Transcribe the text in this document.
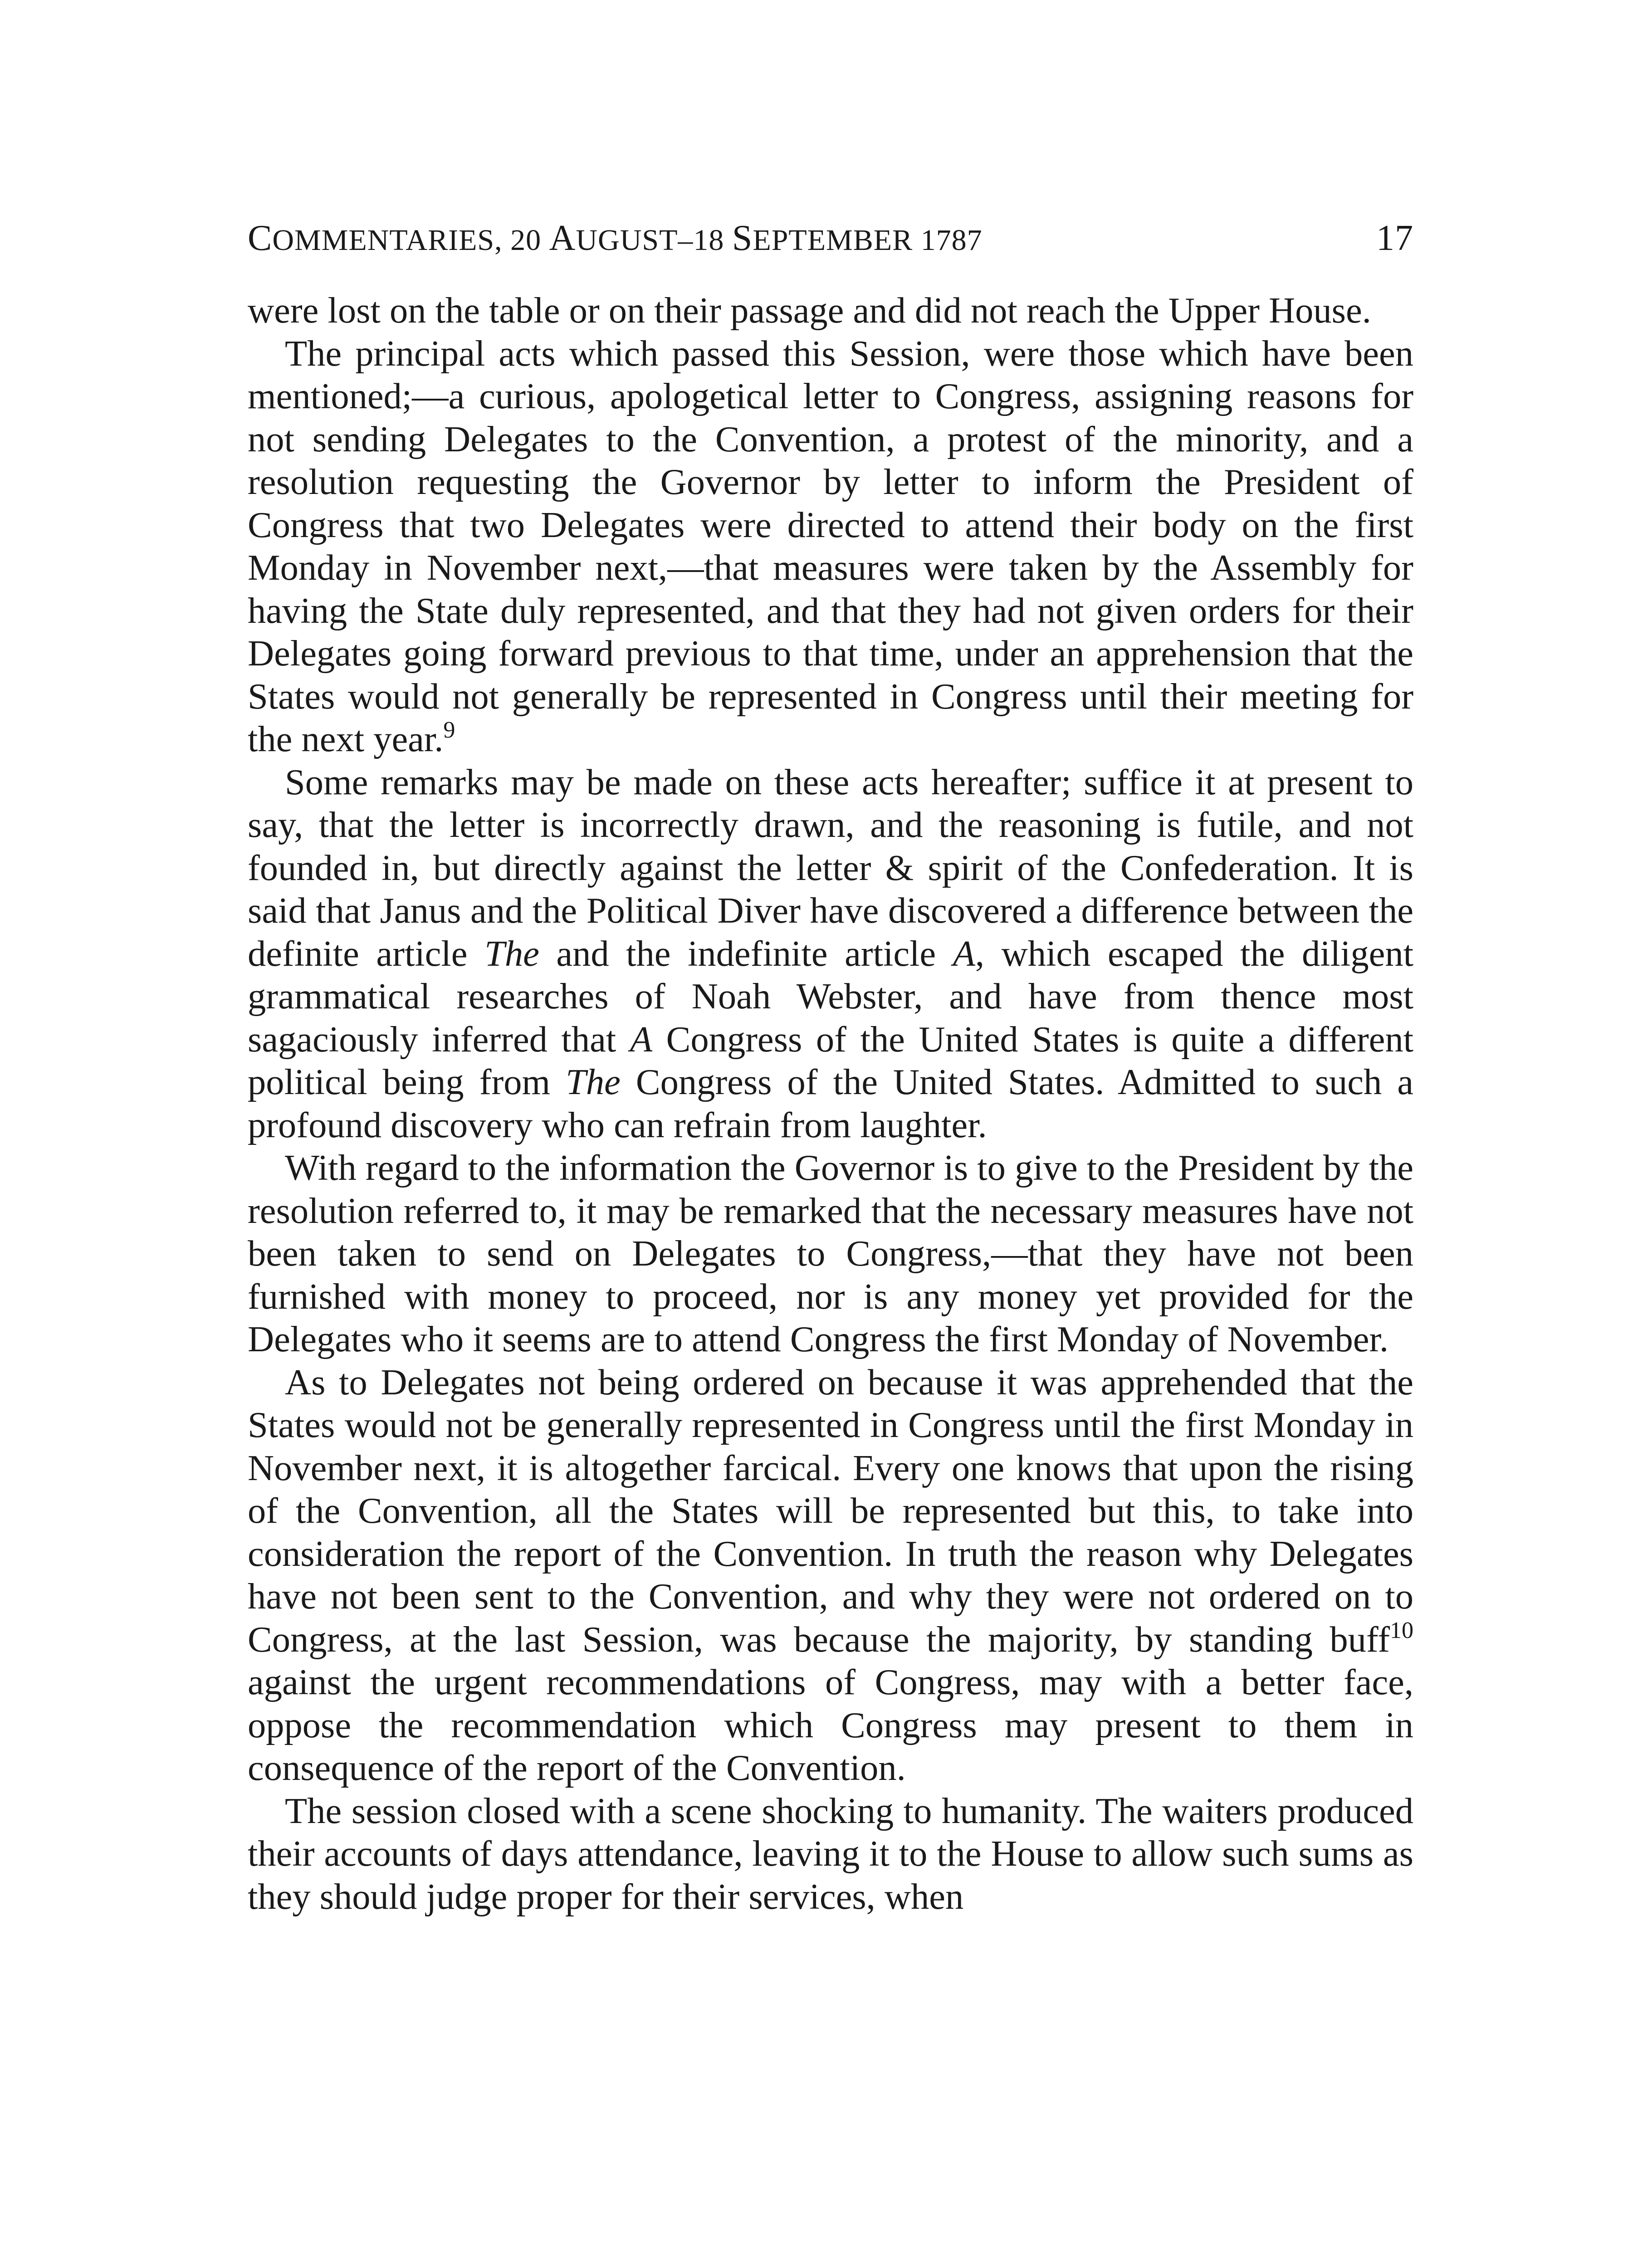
COMMENTARIES, 20 AUGUST–18 SEPTEMBER 1787	17

were lost on the table or on their passage and did not reach the Upper House.

The principal acts which passed this Session, were those which have been mentioned;—a curious, apologetical letter to Congress, assigning reasons for not sending Delegates to the Convention, a protest of the minority, and a resolution requesting the Governor by letter to inform the President of Congress that two Delegates were directed to attend their body on the first Monday in November next,—that measures were taken by the Assembly for having the State duly represented, and that they had not given orders for their Delegates going forward previous to that time, under an apprehension that the States would not generally be represented in Congress until their meeting for the next year.$^9$

Some remarks may be made on these acts hereafter; suffice it at present to say, that the letter is incorrectly drawn, and the reasoning is futile, and not founded in, but directly against the letter & spirit of the Confederation. It is said that Janus and the Political Diver have discovered a difference between the definite article The and the indefinite article A, which escaped the diligent grammatical researches of Noah Webster, and have from thence most sagaciously inferred that A Congress of the United States is quite a different political being from The Congress of the United States. Admitted to such a profound discovery who can refrain from laughter.

With regard to the information the Governor is to give to the President by the resolution referred to, it may be remarked that the necessary measures have not been taken to send on Delegates to Congress,—that they have not been furnished with money to proceed, nor is any money yet provided for the Delegates who it seems are to attend Congress the first Monday of November.

As to Delegates not being ordered on because it was apprehended that the States would not be generally represented in Congress until the first Monday in November next, it is altogether farcical. Every one knows that upon the rising of the Convention, all the States will be represented but this, to take into consideration the report of the Convention. In truth the reason why Delegates have not been sent to the Convention, and why they were not ordered on to Congress, at the last Session, was because the majority, by standing buff$^{10}$ against the urgent recommendations of Congress, may with a better face, oppose the recommendation which Congress may present to them in consequence of the report of the Convention.

The session closed with a scene shocking to humanity. The waiters produced their accounts of days attendance, leaving it to the House to allow such sums as they should judge proper for their services, when
